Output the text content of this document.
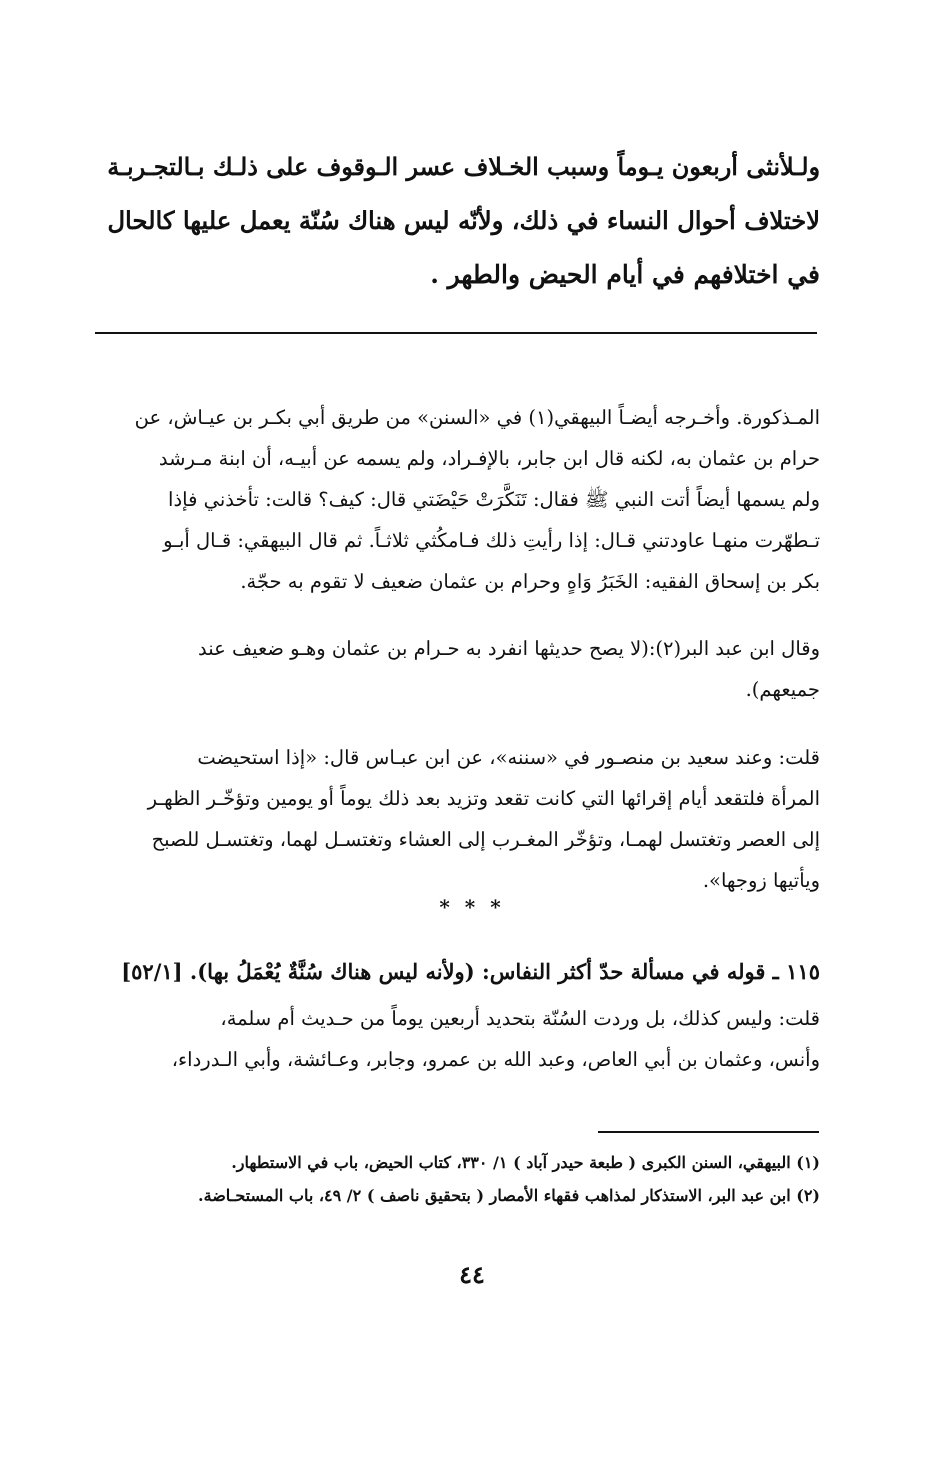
ولـلأنثى أربعون يـوماً وسبب الخـلاف عسر الـوقوف على ذلـك بـالتجـربـة
لاختلاف أحوال النساء في ذلك، ولأنّه ليس هناك سُنّة يعمل عليها كالحال
في اختلافهم في أيام الحيض والطهر .
المـذكورة. وأخـرجه أيضـاً البيهقي(١) في «السنن» من طريق أبي بكـر بن عيـاش، عن
حرام بن عثمان به، لكنه قال ابن جابر، بالإفـراد، ولم يسمه عن أبيـه، أن ابنة مـرشد
ولم يسمها أيضاً أتت النبي ﷺ فقال: تَنَكَّرَتْ حَيْضَتي قال: كيف؟ قالت: تأخذني فإذا
تـطهّرت منهـا عاودتني قـال: إذا رأيتِ ذلك فـامكُثي ثلاثـاً. ثم قال البيهقي: قـال أبـو
بكر بن إسحاق الفقيه: الخَبَرُ وَاهٍ وحرام بن عثمان ضعيف لا تقوم به حجّة.
وقال ابن عبد البر(٢):(لا يصح حديثها انفرد به حـرام بن عثمان وهـو ضعيف عند
جميعهم).
قلت: وعند سعيد بن منصـور في «سننه»، عن ابن عبـاس قال: «إذا استحيضت
المرأة فلتقعد أيام إقرائها التي كانت تقعد وتزيد بعد ذلك يوماً أو يومين وتؤخّـر الظهـر
إلى العصر وتغتسل لهمـا، وتؤخّر المغـرب إلى العشاء وتغتسـل لهما، وتغتسـل للصبح
ويأتيها زوجها».
* * *
١١٥ ـ قوله في مسألة حدّ أكثر النفاس: (ولأنه ليس هناك سُنَّةٌ يُعْمَلُ بها). [٥٢/١]
قلت: وليس كذلك، بل وردت السُنّة بتحديد أربعين يوماً من حـديث أم سلمة،
وأنس، وعثمان بن أبي العاص، وعبد الله بن عمرو، وجابر، وعـائشة، وأبي الـدرداء،
(١) البيهقي، السنن الكبرى ( طبعة حيدر آباد ) ١/ ٣٣٠، كتاب الحيض، باب في الاستطهار.
(٢) ابن عبد البر، الاستذكار لمذاهب فقهاء الأمصار ( بتحقيق ناصف ) ٢/ ٤٩، باب المستحـاضة.
٤٤
